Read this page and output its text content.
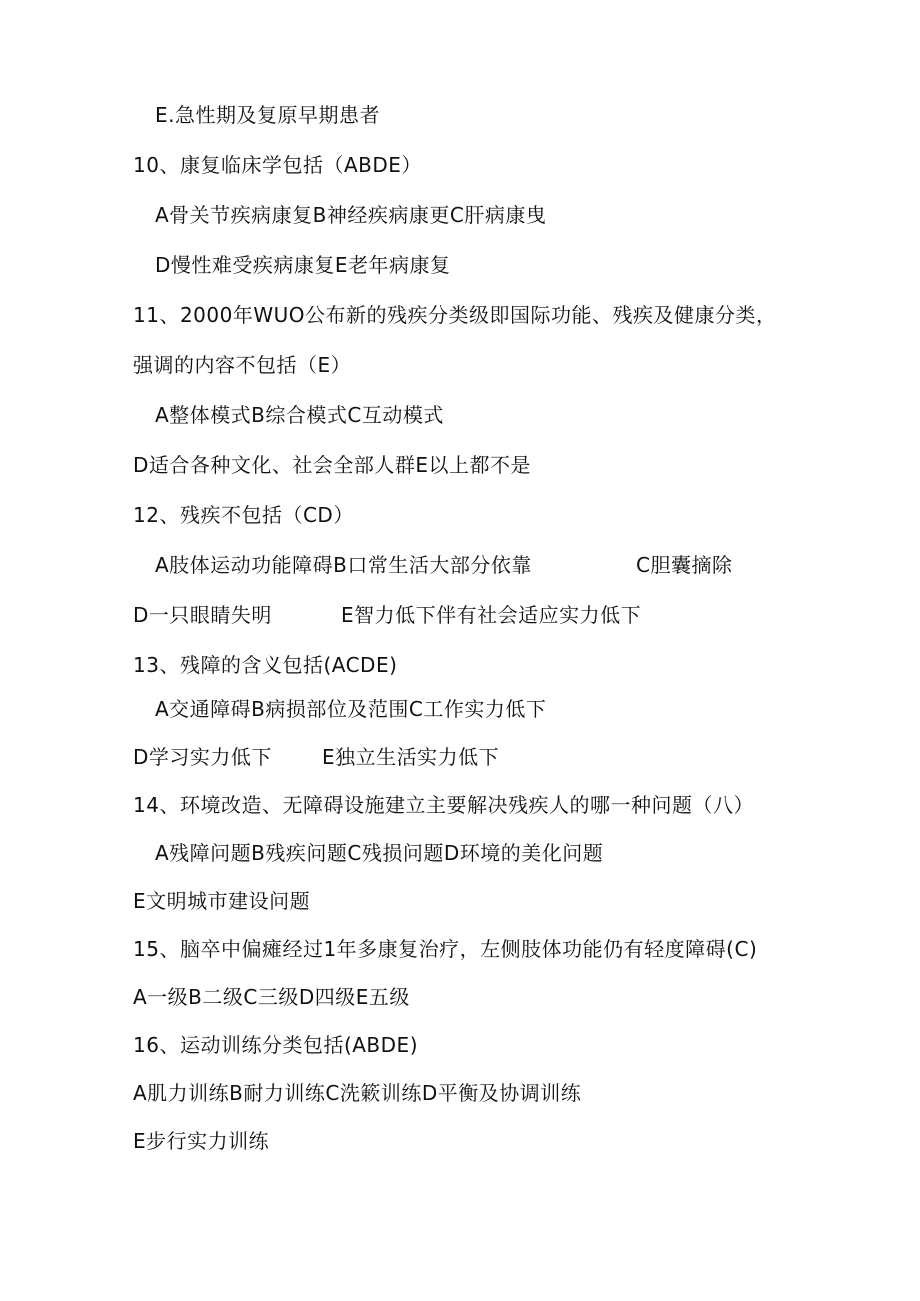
E.急性期及复原早期患者
10、康复临床学包括（ABDE）
A骨关节疾病康复B神经疾病康更C肝病康曳
D慢性难受疾病康复E老年病康复
11、2000年WUO公布新的残疾分类级即国际功能、残疾及健康分类，
强调的内容不包括（E）
A整体模式B综合模式C互动模式
D适合各种文化、社会全部人群E以上都不是
12、残疾不包括（CD）
A肢体运动功能障碍B口常生活大部分依靠	C胆囊摘除
D一只眼睛失明	E智力低下伴有社会适应实力低下
13、残障的含义包括(ACDE)
A交通障碍B病损部位及范围C工作实力低下
D学习实力低下	E独立生活实力低下
14、环境改造、无障碍设施建立主要解决残疾人的哪一种问题（八）
A残障问题B残疾问题C残损问题D环境的美化问题
E文明城市建设问题
15、脑卒中偏瘫经过1年多康复治疗，左侧肢体功能仍有轻度障碍(C)
A一级B二级C三级D四级E五级
16、运动训练分类包括(ABDE)
A肌力训练B耐力训练C洗簌训练D平衡及协调训练
E步行实力训练
